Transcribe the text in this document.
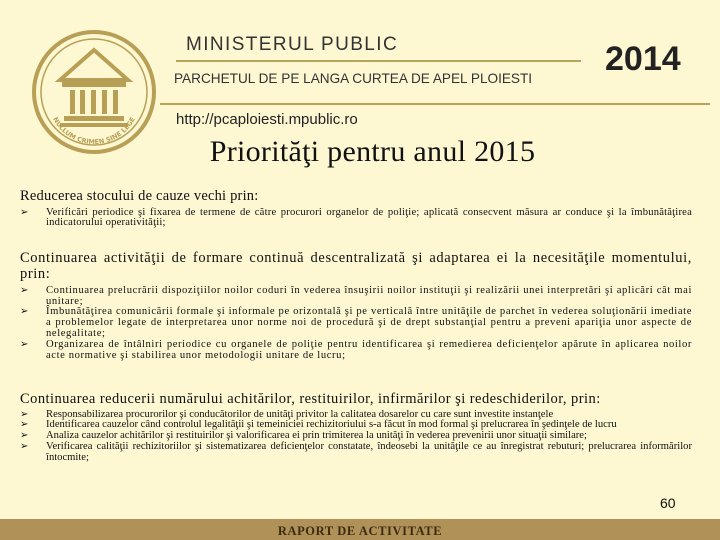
NULLUM CRIMEN SINE LEGE
MINISTERUL PUBLIC
PARCHETUL DE PE LANGA CURTEA DE APEL PLOIESTI
2014
http://pcaploiesti.mpublic.ro
Priorităţi pentru anul 2015
Reducerea stocului de cauze vechi prin:
➢ Verificări periodice şi fixarea de termene de către procurori organelor de poliţie; aplicată consecvent măsura ar conduce şi la îmbunătăţirea indicatorului operativităţii;
Continuarea activităţii de formare continuă descentralizată şi adaptarea ei la necesităţile momentului, prin:
➢ Continuarea prelucrării dispoziţiilor noilor coduri în vederea însuşirii noilor instituţii şi realizării unei interpretări şi aplicări cât mai unitare;
➢ Îmbunătăţirea comunicării formale şi informale pe orizontală şi pe verticală între unităţile de parchet în vederea soluţionării imediate a problemelor legate de interpretarea unor norme noi de procedură şi de drept substanţial pentru a preveni apariţia unor aspecte de nelegalitate;
➢ Organizarea de întâlniri periodice cu organele de poliţie pentru identificarea şi remedierea deficienţelor apărute în aplicarea noilor acte normative şi stabilirea unor metodologii unitare de lucru;
Continuarea reducerii numărului achitărilor, restituirilor, infirmărilor şi redeschiderilor, prin:
➢ Responsabilizarea procurorilor şi conducătorilor de unităţi privitor la calitatea dosarelor cu care sunt investite instanţele
➢ Identificarea cauzelor când controlul legalităţii şi temeiniciei rechizitoriului s-a făcut în mod formal şi prelucrarea în şedinţele de lucru
➢ Analiza cauzelor achitărilor şi restituirilor şi valorificarea ei prin trimiterea la unităţi în vederea prevenirii unor situaţii similare;
➢ Verificarea calităţii rechizitoriilor şi sistematizarea deficienţelor constatate, îndeosebi la unităţile ce au înregistrat rebuturi; prelucrarea informărilor întocmite;
60
RAPORT DE ACTIVITATE
